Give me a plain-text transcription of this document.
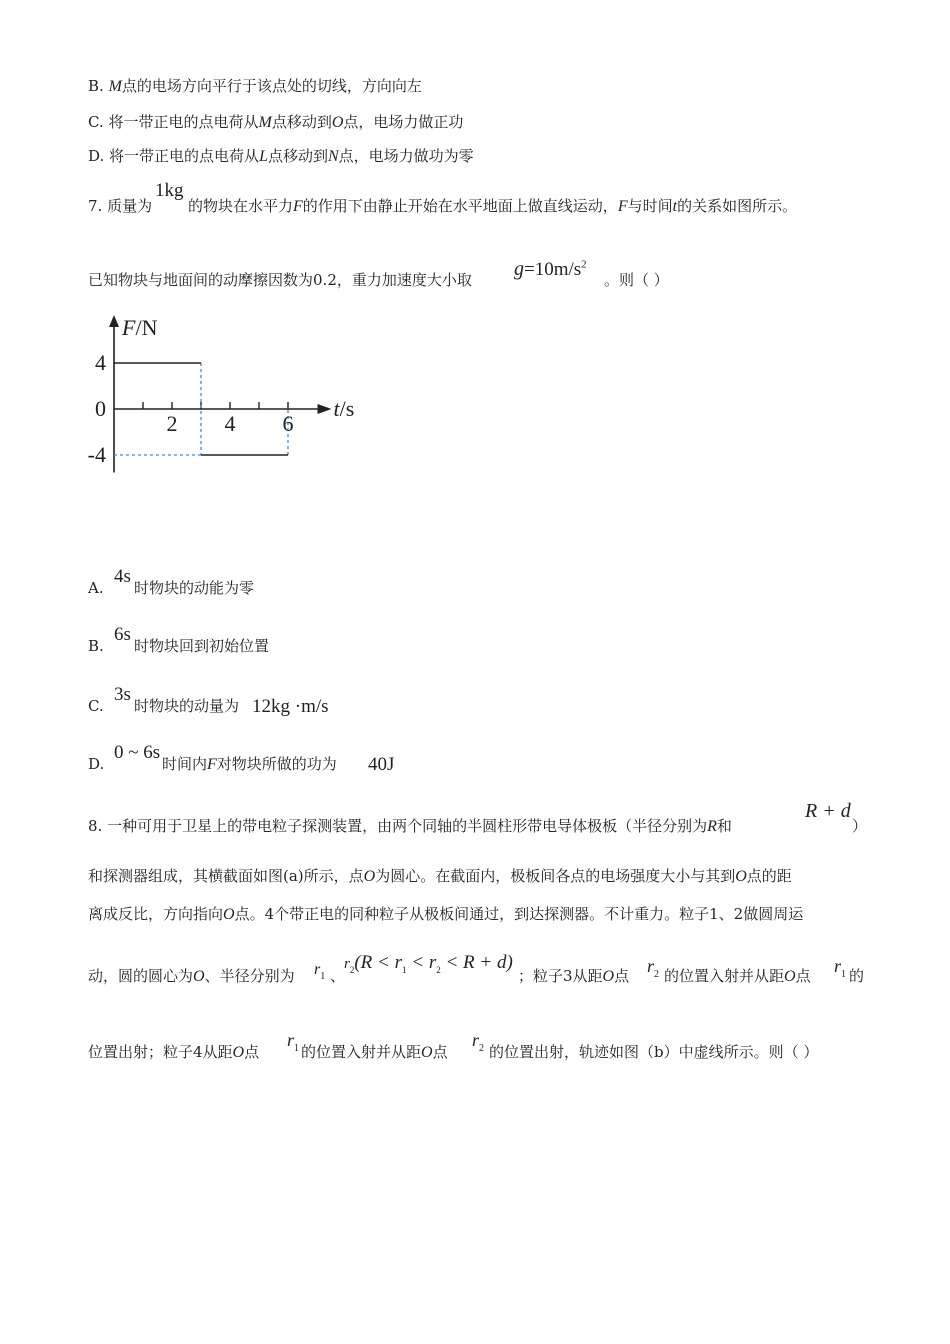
B. M点的电场方向平行于该点处的切线，方向向左
C. 将一带正电的点电荷从M点移动到O点，电场力做正功
D. 将一带正电的点电荷从L点移动到N点，电场力做功为零
7. 质量为
1kg
的物块在水平力F的作用下由静止开始在水平地面上做直线运动，F与时间t的关系如图所示。
已知物块与地面间的动摩擦因数为0.2，重力加速度大小取 $g=10m/s^2$
。则（ ）
4
0
-4
2 4 6
F/N
t/s
A.
4s
时物块的动能为零
B.
6s
时物块回到初始位置
C.
3s
时物块的动量为 12kg ·m/s
D.
0 ~ 6s
时间内F对物块所做的功为 40J
8. 一种可用于卫星上的带电粒子探测装置，由两个同轴的半圆柱形带电导体极板（半径分别为R和
R + d
）
和探测器组成，其横截面如图(a)所示，点O为圆心。在截面内，极板间各点的电场强度大小与其到O点的距
离成反比，方向指向O点。4个带正电的同种粒子从极板间通过，到达探测器。不计重力。粒子1、2做圆周运
动，圆的圆心为O、半径分别为 $r_1$ 、
$r_2(R < r_1 < r_2 < R + d)$
；粒子3从距O点 $r_2$ 的位置入射并从距O点 $r_1$ 的
位置出射；粒子4从距O点
$r_1$ 的位置入射并从距O点
$r_2$ 的位置出射，轨迹如图（b）中虚线所示。则（ ）
